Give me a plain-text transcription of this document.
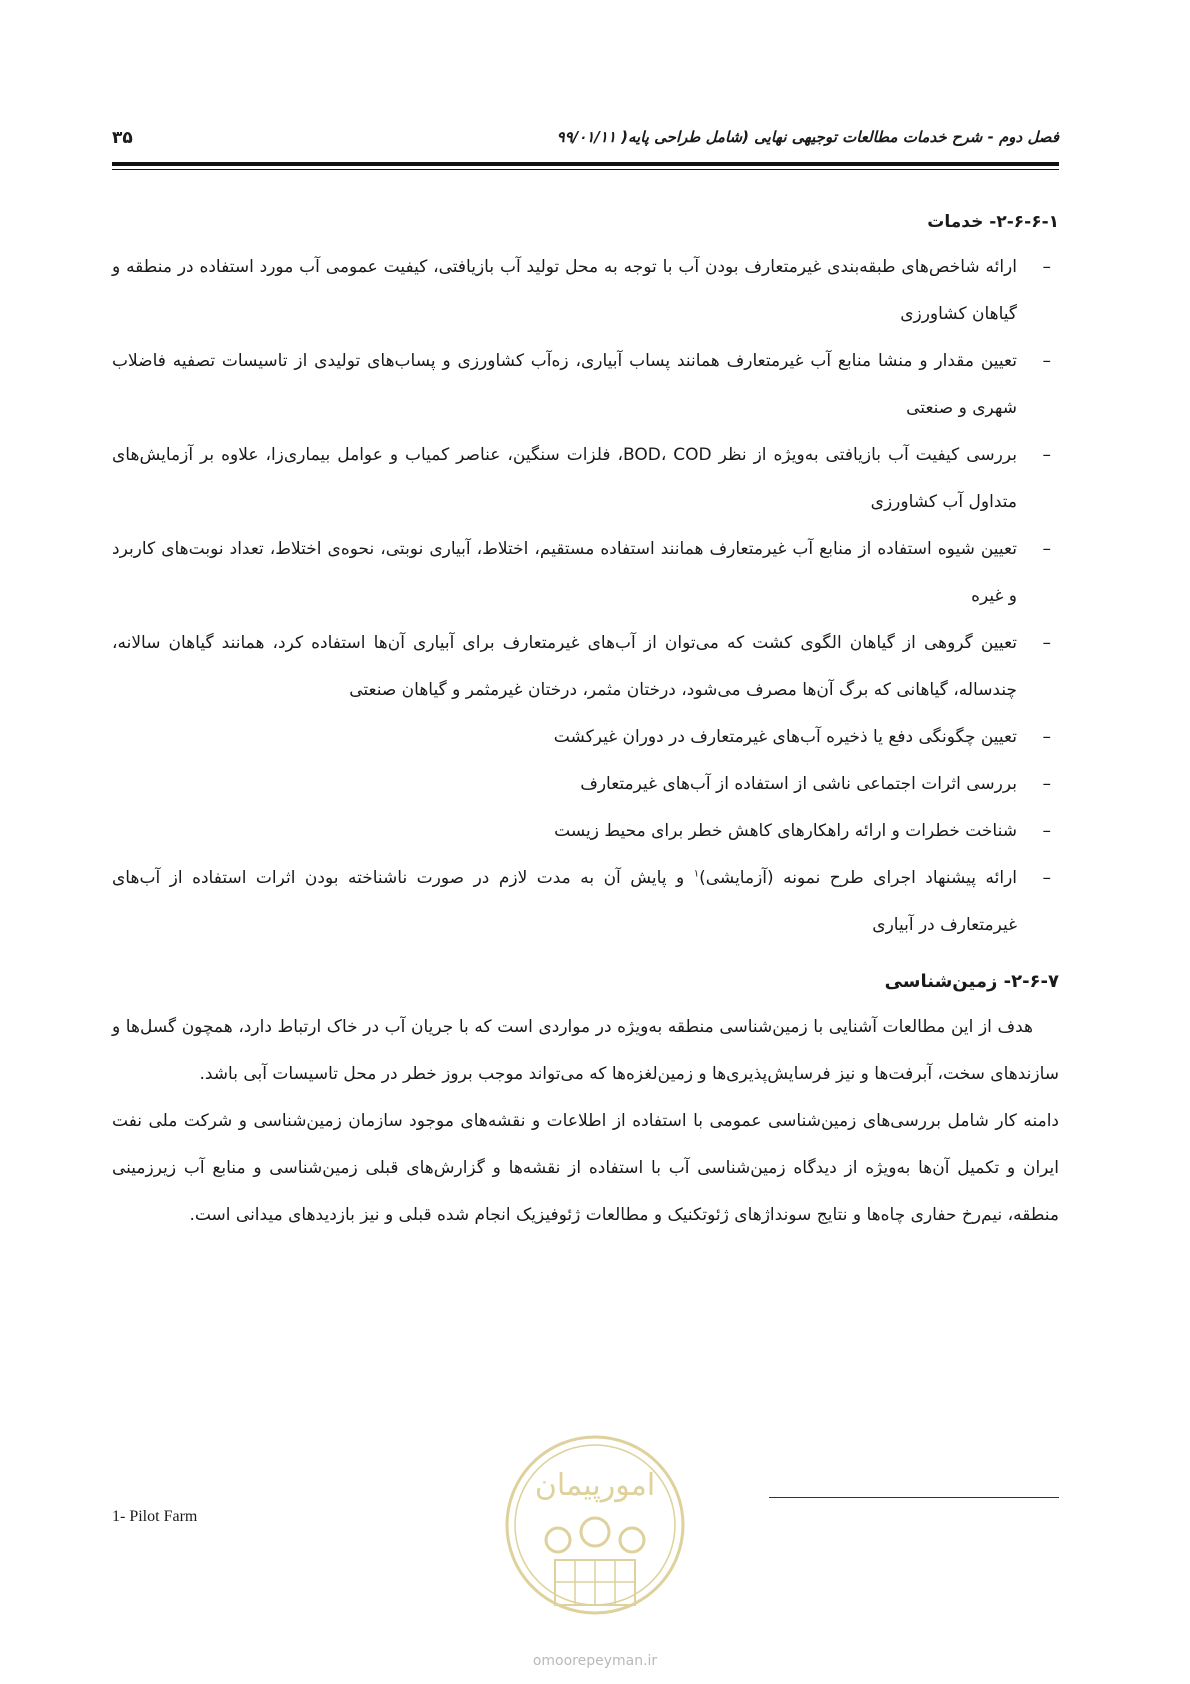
فصل دوم - شرح خدمات مطالعات توجیهی نهایی (شامل طراحی پایه( ۹۹/۰۱/۱۱
۳۵
۲-۶-۶-۱- خدمات
–
ارائه شاخص‌های طبقه‌بندی غیرمتعارف بودن آب با توجه به محل تولید آب بازیافتی، کیفیت عمومی آب مورد استفاده در منطقه و گیاهان کشاورزی
–
تعیین مقدار و منشا منابع آب غیرمتعارف همانند پساب آبیاری، زه‌آب کشاورزی و پساب‌های تولیدی از تاسیسات تصفیه فاضلاب شهری و صنعتی
–
بررسی کیفیت آب بازیافتی به‌ویژه از نظر BOD، COD، فلزات سنگین، عناصر کمیاب و عوامل بیماری‌زا، علاوه بر آزمایش‌های متداول آب کشاورزی
–
تعیین شیوه استفاده از منابع آب غیرمتعارف همانند استفاده مستقیم، اختلاط، آبیاری نوبتی، نحوه‌ی اختلاط، تعداد نوبت‌های کاربرد و غیره
–
تعیین گروهی از گیاهان الگوی کشت که می‌توان از آب‌های غیرمتعارف برای آبیاری آن‌ها استفاده کرد، همانند گیاهان سالانه، چندساله، گیاهانی که برگ آن‌ها مصرف می‌شود، درختان مثمر، درختان غیرمثمر و گیاهان صنعتی
–
تعیین چگونگی دفع یا ذخیره آب‌های غیرمتعارف در دوران غیرکشت
–
بررسی اثرات اجتماعی ناشی از استفاده از آب‌های غیرمتعارف
–
شناخت خطرات و ارائه راهکارهای کاهش خطر برای محیط زیست
–
ارائه پیشنهاد اجرای طرح نمونه (آزمایشی)$^۱$ و پایش آن به مدت لازم در صورت ناشناخته بودن اثرات استفاده از آب‌های غیرمتعارف در آبیاری
۲-۶-۷- زمین‌شناسی

هدف از این مطالعات آشنایی با زمین‌شناسی منطقه به‌ویژه در مواردی است که با جریان آب در خاک ارتباط دارد، همچون گسل‌ها و سازندهای سخت، آبرفت‌ها و نیز فرسایش‌پذیری‌ها و زمین‌لغزه‌ها که می‌تواند موجب بروز خطر در محل تاسیسات آبی باشد.

دامنه کار شامل بررسی‌های زمین‌شناسی عمومی با استفاده از اطلاعات و نقشه‌های موجود سازمان زمین‌شناسی و شرکت ملی نفت ایران و تکمیل آن‌ها به‌ویژه از دیدگاه زمین‌شناسی آب با استفاده از نقشه‌ها و گزارش‌های قبلی زمین‌شناسی و منابع آب زیرزمینی منطقه، نیم‌رخ حفاری چاه‌ها و نتایج سونداژهای ژئوتکنیک و مطالعات ژئوفیزیک انجام شده قبلی و نیز بازدیدهای میدانی است.

1- Pilot Farm
امورپیمان
omoorepeyman.ir
